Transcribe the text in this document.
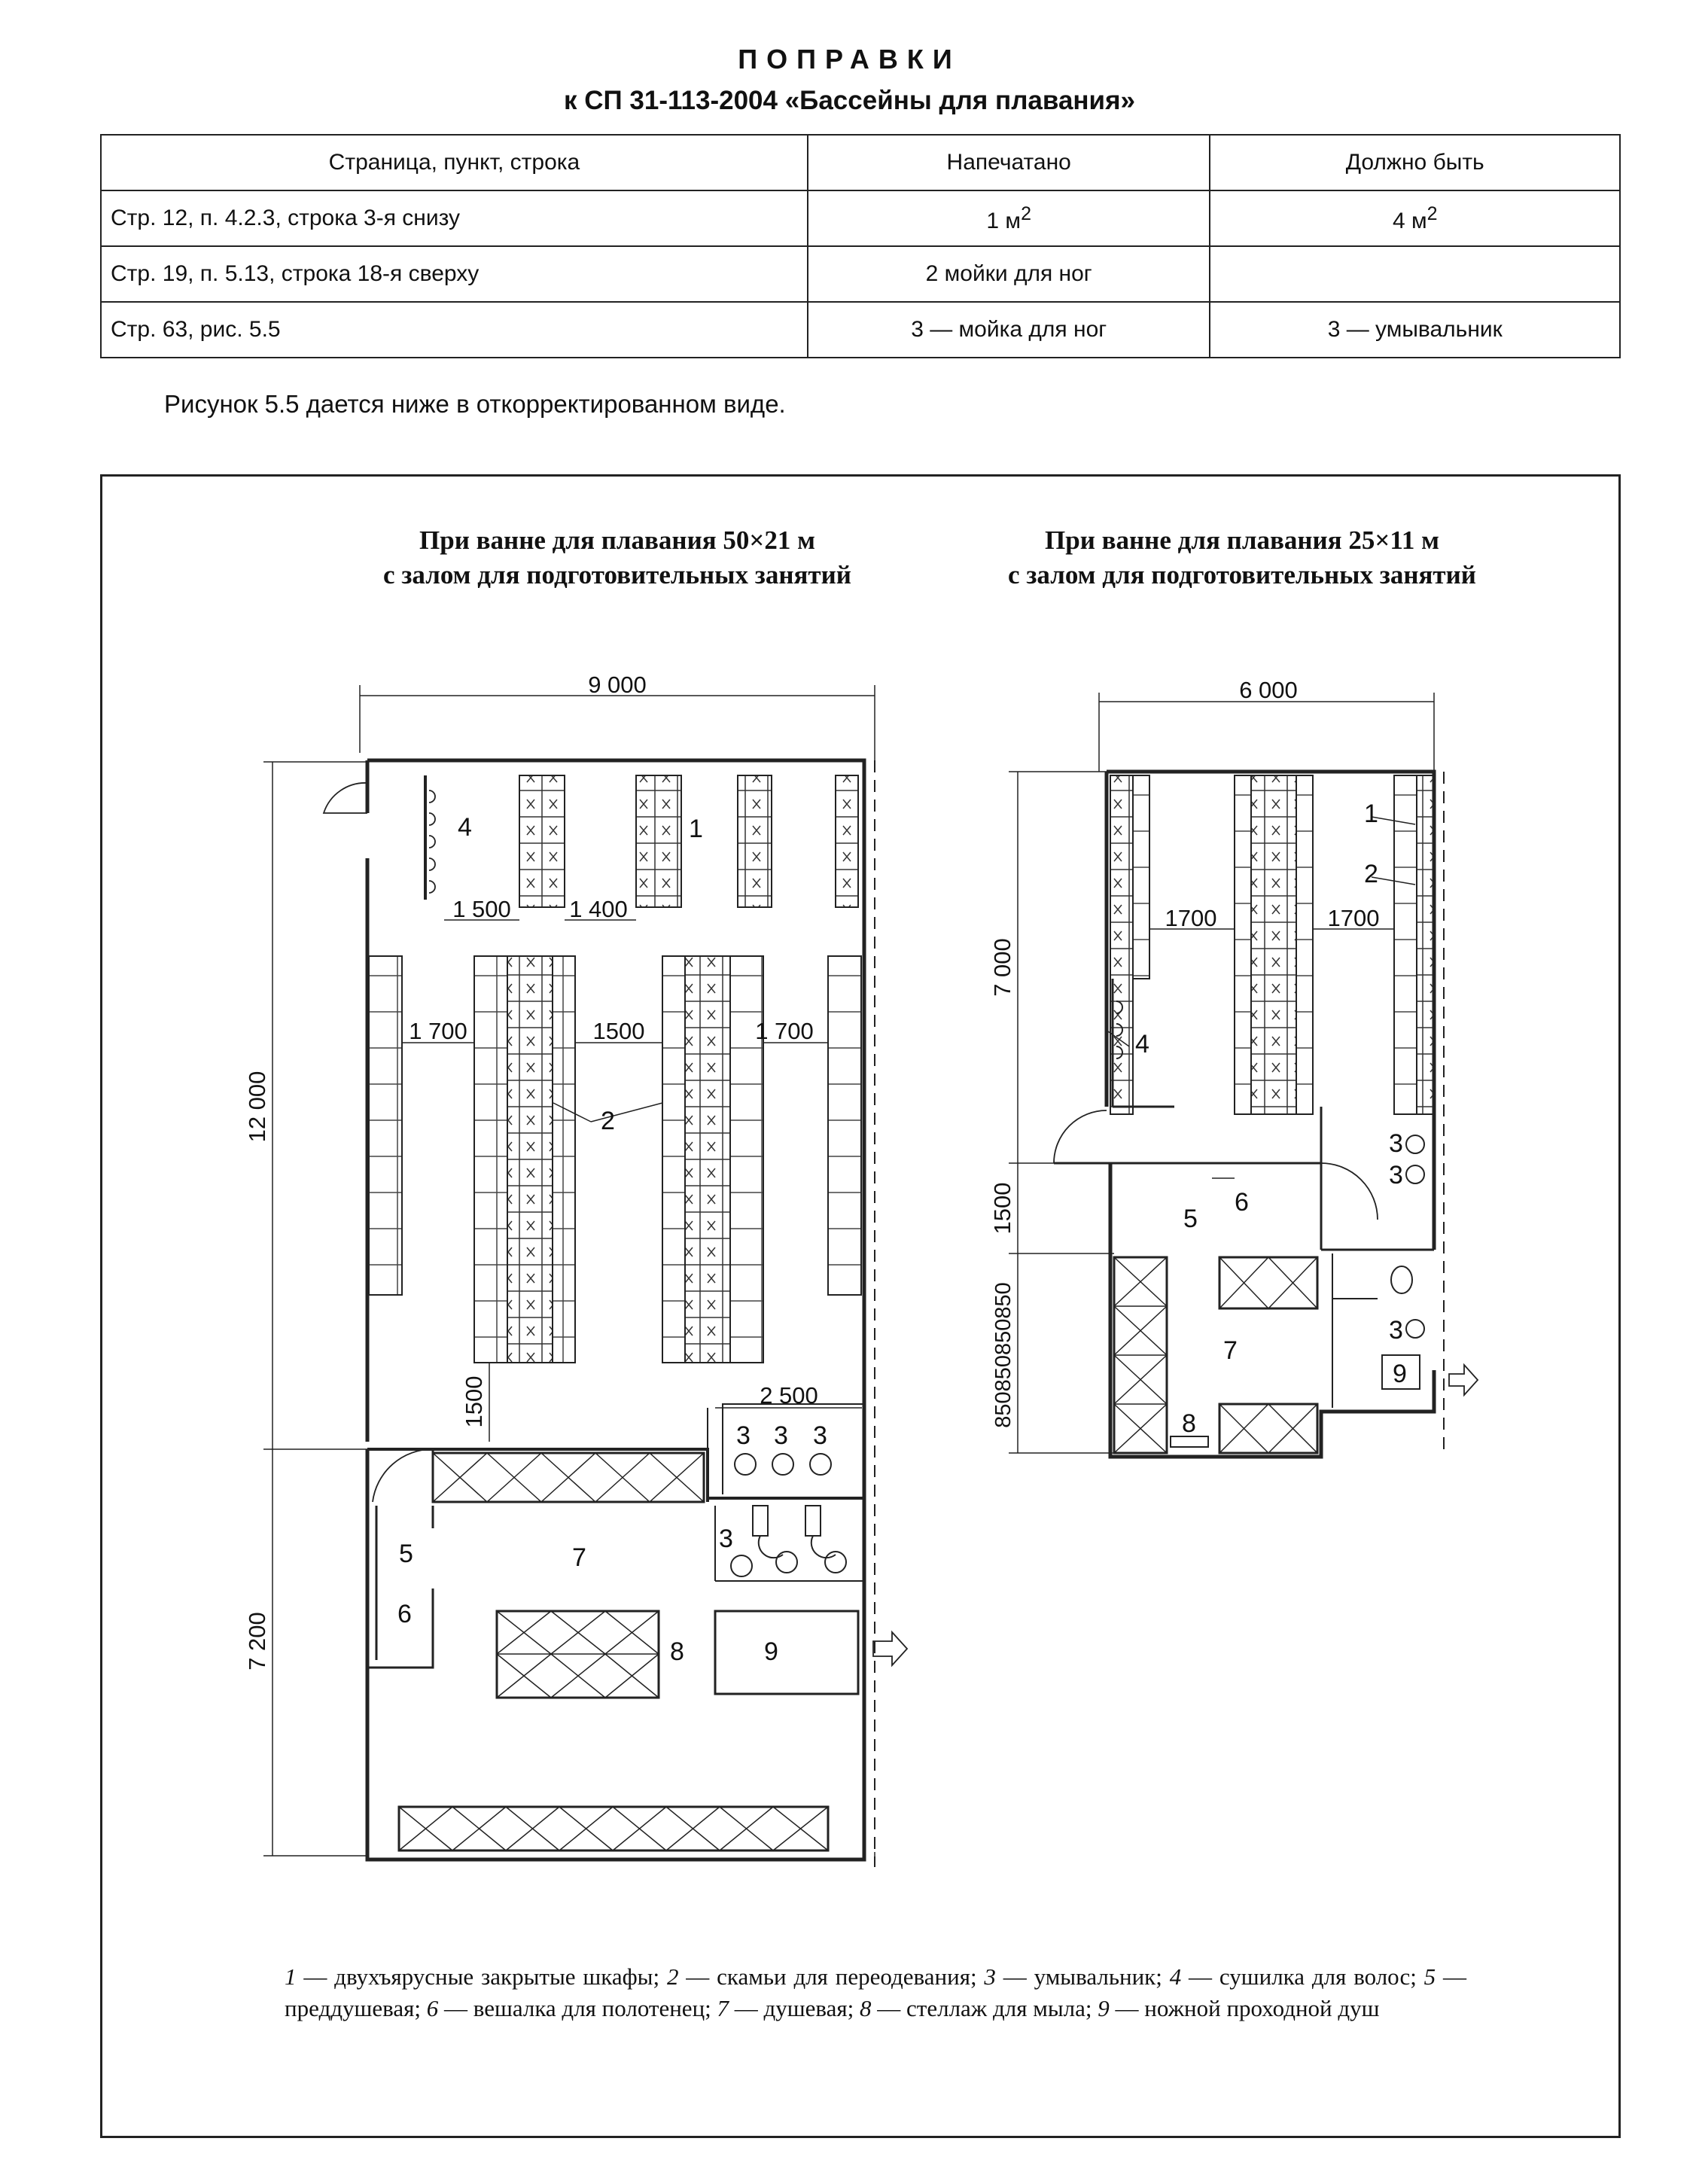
ПОПРАВКИ
к СП 31-113-2004 «Бассейны для плавания»
Страница, пункт, строка	Напечатано	Должно быть
Стр. 12, п. 4.2.3, строка 3-я снизу	1 $м^2$	4 $м^2$
Стр. 19, п. 5.13, строка 18-я сверху	2 мойки для ног	
Стр. 63, рис. 5.5	3 — мойка для ног	3 — умывальник
Рисунок 5.5 дается ниже в откорректированном виде.
При ванне для плавания 50×21 м
с залом для подготовительных занятий
При ванне для плавания 25×11 м
с залом для подготовительных занятий
9 000
12 000
7 200
1 500 1 400
1 700	1500	1 700
1500	2 500
4	1
2
3 3 3
3
5
6
7
8	9
6 000
7 000
1500
850850850850
1700	1700
1
2
4
3
3
3
5
6
7
8
9
1 — двухъярусные закрытые шкафы; 2 — скамьи для переодевания; 3 — умывальник; 4 — сушилка для волос; 5 — преддушевая; 6 — вешалка для полотенец; 7 — душевая; 8 — стеллаж для мыла; 9 — ножной проходной душ
